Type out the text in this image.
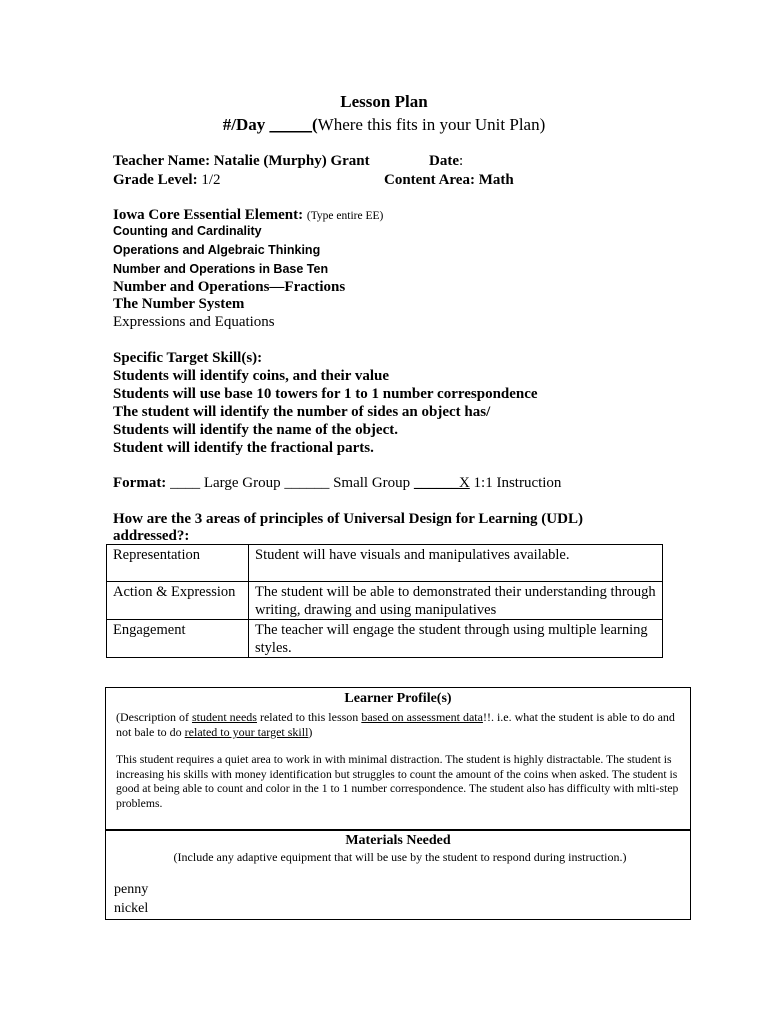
Lesson Plan
#/Day _____(Where this fits in your Unit Plan)
Teacher Name: Natalie (Murphy) Grant	Date:
Grade Level: 1/2	Content Area: Math
Iowa Core Essential Element: (Type entire EE)
Counting and Cardinality
Operations and Algebraic Thinking
Number and Operations in Base Ten
Number and Operations—Fractions
The Number System
Expressions and Equations
Specific Target Skill(s):
Students will identify coins, and their value
Students will use base 10 towers for 1 to 1 number correspondence
The student will identify the number of sides an object has/
Students will identify the name of the object.
Student will identify the fractional parts.
Format: ____ Large Group ______ Small Group ______X 1:1 Instruction
How are the 3 areas of principles of Universal Design for Learning (UDL)
addressed?:
Representation	Student will have visuals and manipulatives available.
Action & Expression	The student will be able to demonstrated their understanding through writing, drawing and using manipulatives
Engagement	The teacher will engage the student through using multiple learning styles.
Learner Profile(s)
(Description of student needs related to this lesson based on assessment data!!. i.e. what the student is able to do and not bale to do related to your target skill)
This student requires a quiet area to work in with minimal distraction. The student is highly distractable. The student is increasing his skills with money identification but struggles to count the amount of the coins when asked. The student is good at being able to count and color in the 1 to 1 number correspondence. The student also has difficulty with mlti-step problems.
Materials Needed
(Include any adaptive equipment that will be use by the student to respond during instruction.)
penny
nickel
